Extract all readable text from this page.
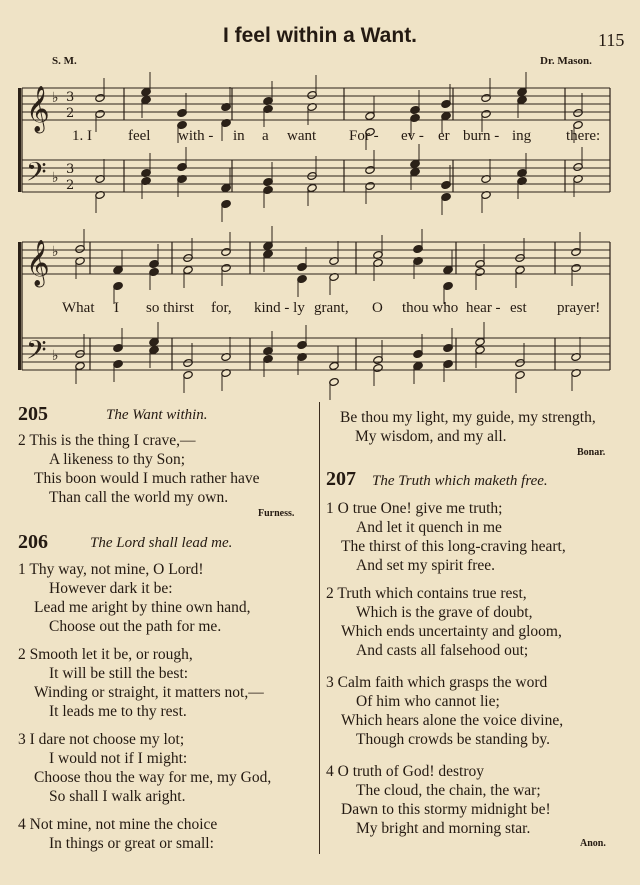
I feel within a Want.	115
S. M.	Dr. Mason.
𝄞
𝄢
♭
♭
3
2
3
2
𝄞
𝄢
♭
♭
1. I feel with - in a want For - ev - er burn - ing there:
What I so thirst for, kind - ly grant, O thou who hear - est prayer!
205	The Want within.
2 This is the thing I crave,—
A likeness to thy Son;
This boon would I much rather have
Than call the world my own.
Furness.
206	The Lord shall lead me.
1 Thy way, not mine, O Lord!
However dark it be:
Lead me aright by thine own hand,
Choose out the path for me.
2 Smooth let it be, or rough,
It will be still the best:
Winding or straight, it matters not,—
It leads me to thy rest.
3 I dare not choose my lot;
I would not if I might:
Choose thou the way for me, my God,
So shall I walk aright.
4 Not mine, not mine the choice
In things or great or small:
Be thou my light, my guide, my strength,
My wisdom, and my all.
Bonar.
207 The Truth which maketh free.
1 O true One! give me truth;
And let it quench in me
The thirst of this long-craving heart,
And set my spirit free.
2 Truth which contains true rest,
Which is the grave of doubt,
Which ends uncertainty and gloom,
And casts all falsehood out;
3 Calm faith which grasps the word
Of him who cannot lie;
Which hears alone the voice divine,
Though crowds be standing by.
4 O truth of God! destroy
The cloud, the chain, the war;
Dawn to this stormy midnight be!
My bright and morning star.
Anon.
